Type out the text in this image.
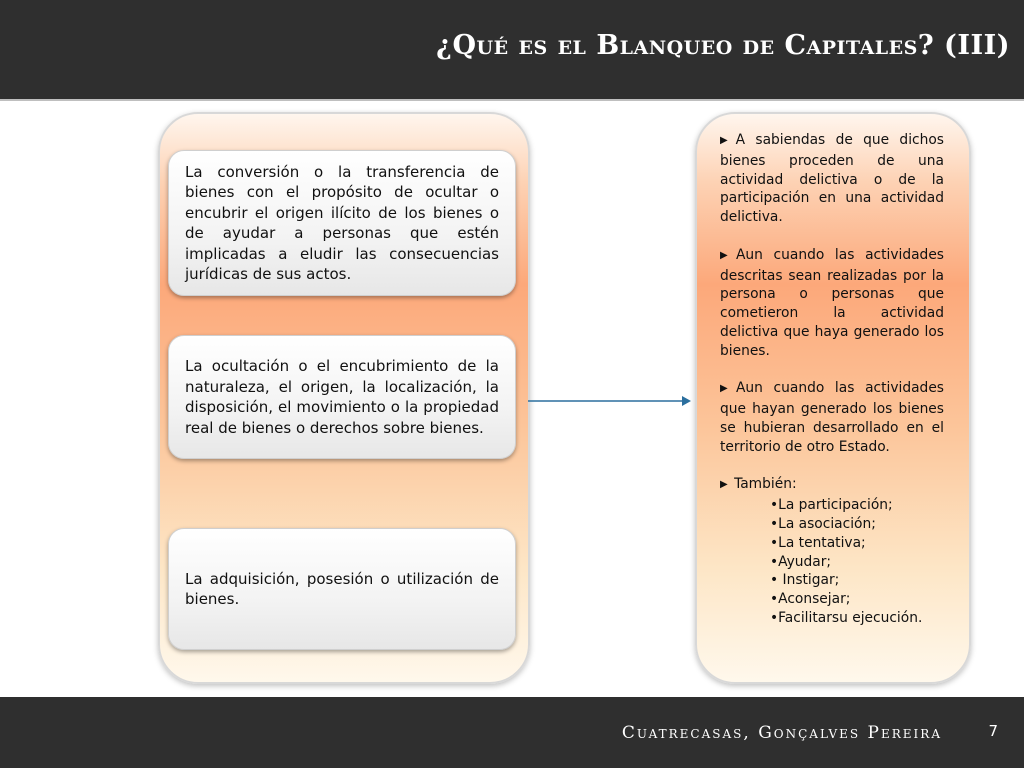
¿Qué es el Blanqueo de Capitales? (III)

La conversión o la transferencia de bienes con el propósito de ocultar o encubrir el origen ilícito de los bienes o de ayudar a personas que estén implicadas a eludir las consecuencias jurídicas de sus actos.

La ocultación o el encubrimiento de la naturaleza, el origen, la localización, la disposición, el movimiento o la propiedad real de bienes o derechos sobre bienes.

La adquisición, posesión o utilización de bienes.

▶ A sabiendas de que dichos bienes proceden de una actividad delictiva o de la participación en una actividad delictiva.

▶ Aun cuando las actividades descritas sean realizadas por la persona o personas que cometieron la actividad delictiva que haya generado los bienes.

▶ Aun cuando las actividades que hayan generado los bienes se hubieran desarrollado en el territorio de otro Estado.

▶ También:

•La participación;

•La asociación;

•La tentativa;

•Ayudar;

• Instigar;

•Aconsejar;

•Facilitarsu ejecución.

Cuatrecasas, Gonçalves Pereira	7
